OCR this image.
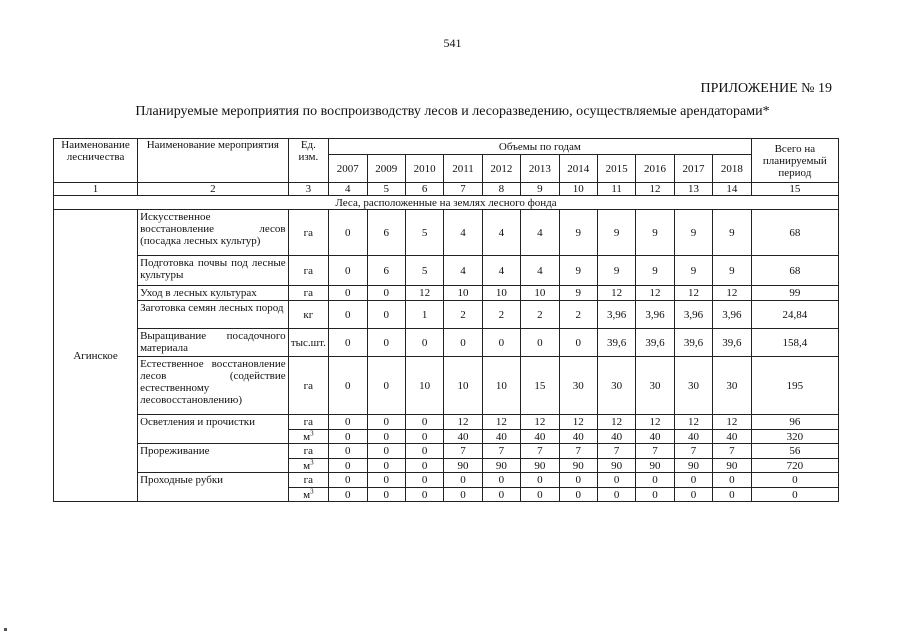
541
ПРИЛОЖЕНИЕ № 19
Планируемые мероприятия по воспроизводству лесов и лесоразведению, осуществляемые арендаторами*
Наименование лесничества	Наименование мероприятия	Ед. изм.	Объемы по годам											Всего на планируемый период
			2007	2009	2010	2011	2012	2013	2014	2015	2016	2017	2018	
1	2	3	4	5	6	7	8	9	10	11	12	13	14	15
Леса, расположенные на землях лесного фонда														
Агинское	Искусственное восстановление лесов (посадка лесных культур)	га	0	6	5	4	4	4	9	9	9	9	9	68
	Подготовка почвы под лесные культуры	га	0	6	5	4	4	4	9	9	9	9	9	68
	Уход в лесных культурах	га	0	0	12	10	10	10	9	12	12	12	12	99
	Заготовка семян лесных пород	кг	0	0	1	2	2	2	2	3,96	3,96	3,96	3,96	24,84
	Выращивание посадочного материала	тыс.шт.	0	0	0	0	0	0	0	39,6	39,6	39,6	39,6	158,4
	Естественное восстановление лесов (содействие естественному лесовосстановлению)	га	0	0	10	10	10	15	30	30	30	30	30	195
	Осветления и прочистки	га	0	0	0	12	12	12	12	12	12	12	12	96
		$м^3$	0	0	0	40	40	40	40	40	40	40	40	320
	Прореживание	га	0	0	0	7	7	7	7	7	7	7	7	56
		$м^3$	0	0	0	90	90	90	90	90	90	90	90	720
	Проходные рубки	га	0	0	0	0	0	0	0	0	0	0	0	0
		$м^3$	0	0	0	0	0	0	0	0	0	0	0	0
